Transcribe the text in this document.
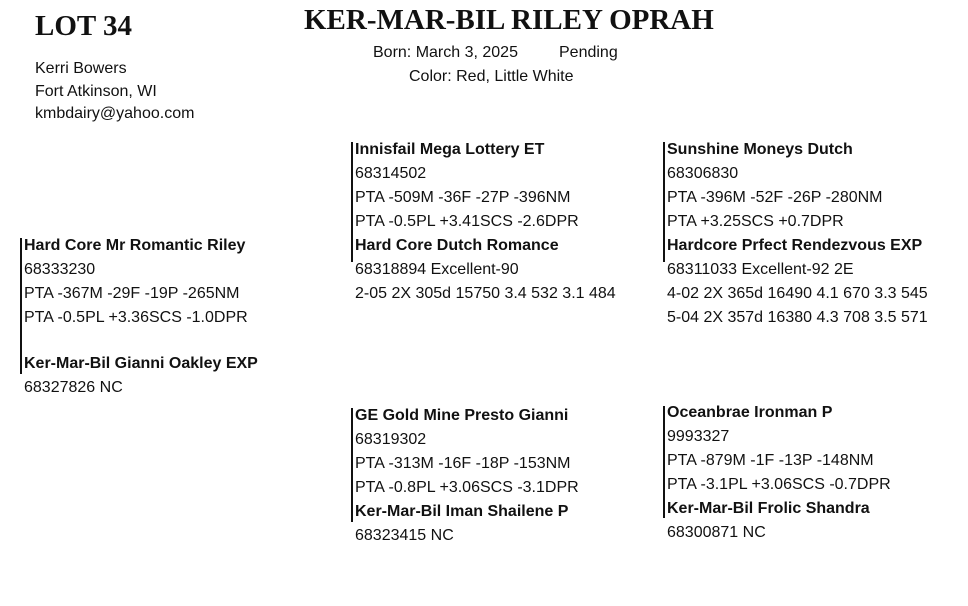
LOT 34	KER-MAR-BIL RILEY OPRAH
Born: March 3, 2025	Pending
Color: Red, Little White
Kerri Bowers
Fort Atkinson, WI
kmbdairy@yahoo.com
Hard Core Mr Romantic Riley
68333230
PTA -367M -29F -19P -265NM
PTA -0.5PL +3.36SCS -1.0DPR
Ker-Mar-Bil Gianni Oakley EXP
68327826 NC
Innisfail Mega Lottery ET
68314502
PTA -509M -36F -27P -396NM
PTA -0.5PL +3.41SCS -2.6DPR
Hard Core Dutch Romance
68318894 Excellent-90
2-05 2X 305d 15750 3.4 532 3.1 484
Sunshine Moneys Dutch
68306830
PTA -396M -52F -26P -280NM
PTA +3.25SCS +0.7DPR
Hardcore Prfect Rendezvous EXP
68311033 Excellent-92 2E
4-02 2X 365d 16490 4.1 670 3.3 545
5-04 2X 357d 16380 4.3 708 3.5 571
GE Gold Mine Presto Gianni
68319302
PTA -313M -16F -18P -153NM
PTA -0.8PL +3.06SCS -3.1DPR
Ker-Mar-Bil Iman Shailene P
68323415 NC
Oceanbrae Ironman P
9993327
PTA -879M -1F -13P -148NM
PTA -3.1PL +3.06SCS -0.7DPR
Ker-Mar-Bil Frolic Shandra
68300871 NC
